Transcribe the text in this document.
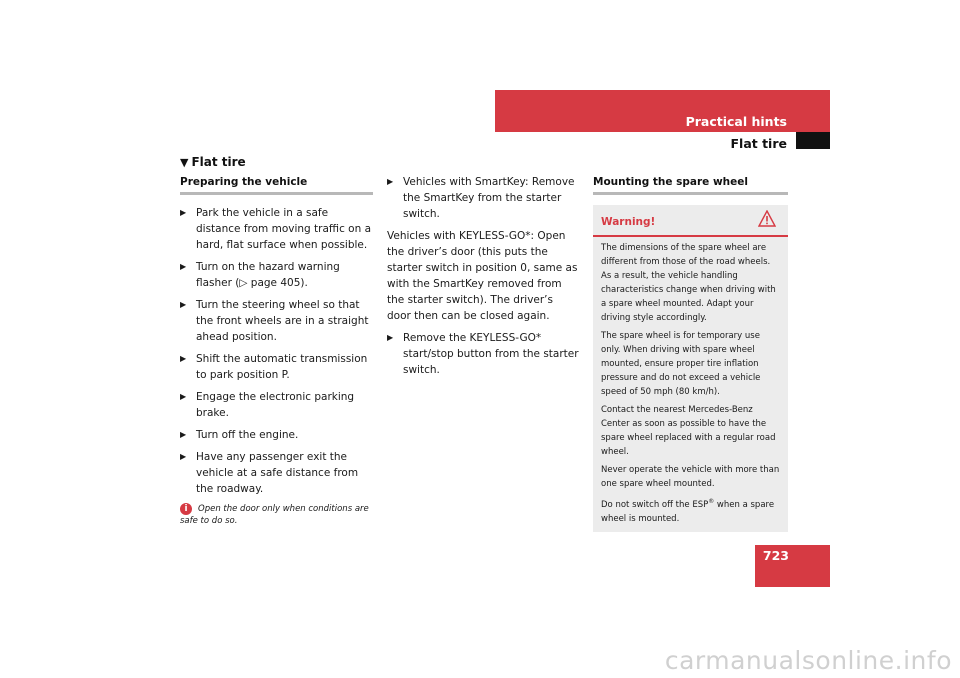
Practical hints
Flat tire
▼ Flat tire
Preparing the vehicle
▶ Park the vehicle in a safe distance from moving traffic on a hard, flat surface when possible.
▶ Turn on the hazard warning flasher (▷ page 405).
▶ Turn the steering wheel so that the front wheels are in a straight ahead position.
▶ Shift the automatic transmission to park position P.
▶ Engage the electronic parking brake.
▶ Turn off the engine.
▶ Have any passenger exit the vehicle at a safe distance from the roadway.
i	Open the door only when conditions are safe to do so.
▶ Vehicles with SmartKey: Remove the SmartKey from the starter switch.
Vehicles with KEYLESS-GO*: Open the driver’s door (this puts the starter switch in position 0, same as with the SmartKey removed from the starter switch). The driver’s door then can be closed again.
▶ Remove the KEYLESS-GO* start/stop button from the starter switch.
Mounting the spare wheel
Warning!
The dimensions of the spare wheel are different from those of the road wheels. As a result, the vehicle handling characteristics change when driving with a spare wheel mounted. Adapt your driving style accordingly.
The spare wheel is for temporary use only. When driving with spare wheel mounted, ensure proper tire inflation pressure and do not exceed a vehicle speed of 50 mph (80 km/h).
Contact the nearest Mercedes-Benz Center as soon as possible to have the spare wheel replaced with a regular road wheel.
Never operate the vehicle with more than one spare wheel mounted.
Do not switch off the ESP® when a spare wheel is mounted.
723
carmanualsonline.info
